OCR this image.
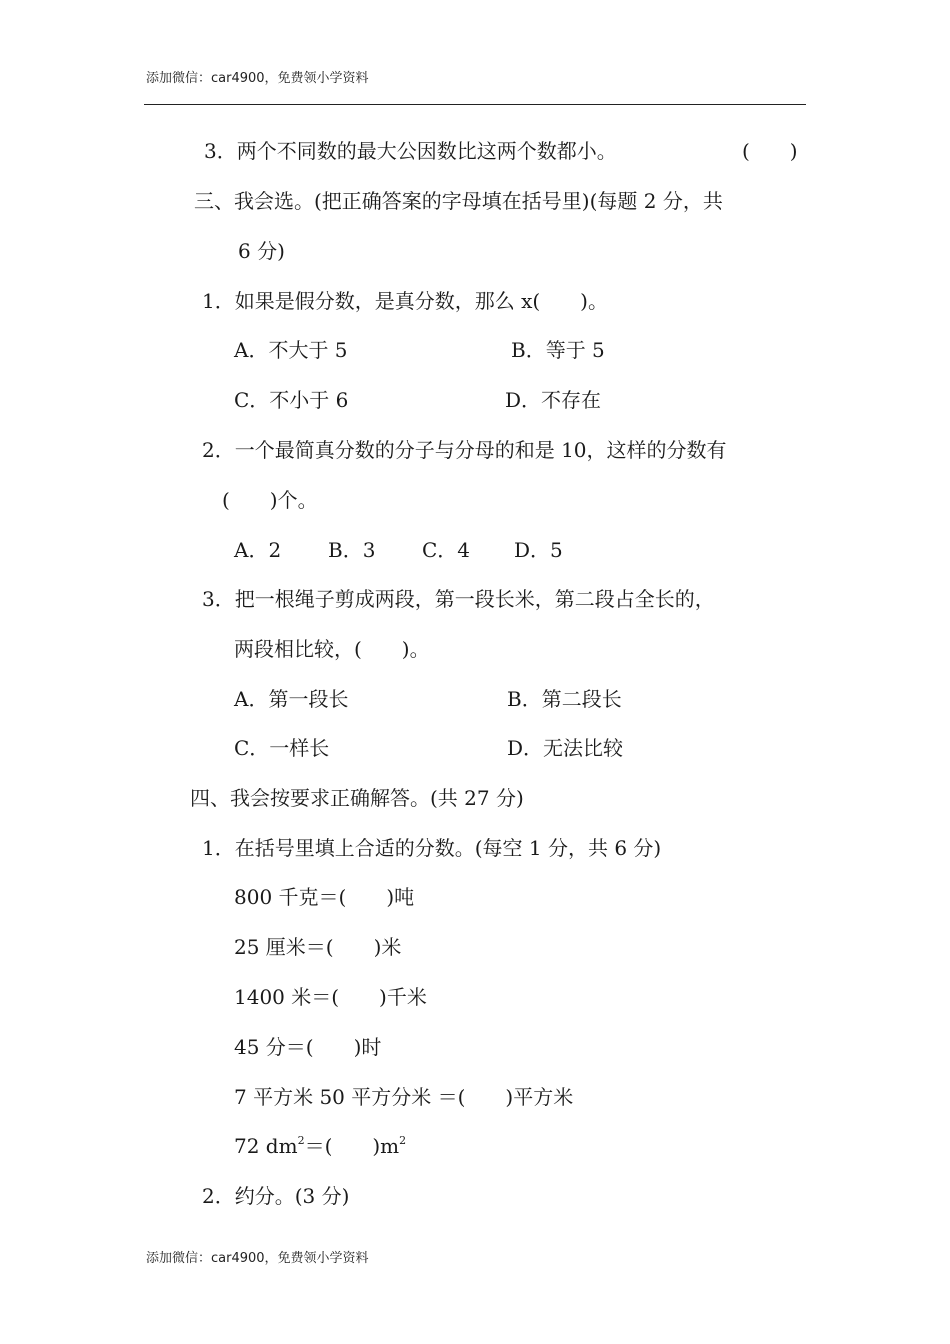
添加微信：car4900，免费领小学资料
3．两个不同数的最大公因数比这两个数都小。	(　　)
三、我会选。(把正确答案的字母填在括号里)(每题 2 分，共
6 分)
1．如果是假分数，是真分数，那么 x(　　)。
A．不大于 5	B．等于 5
C．不小于 6	D．不存在
2．一个最简真分数的分子与分母的和是 10，这样的分数有
(　　)个。
A．2 B．3 C．4 D．5
3．把一根绳子剪成两段，第一段长米，第二段占全长的，
两段相比较，(　　)。
A．第一段长	B．第二段长
C．一样长	D．无法比较
四、我会按要求正确解答。(共 27 分)
1．在括号里填上合适的分数。(每空 1 分，共 6 分)
800 千克＝(　　)吨
25 厘米＝(　　)米
1400 米＝(　　)千米
45 分＝(　　)时
7 平方米 50 平方分米 ＝(　　)平方米
72 $dm^2=$(　　)$m^2$
2．约分。(3 分)
添加微信：car4900，免费领小学资料
